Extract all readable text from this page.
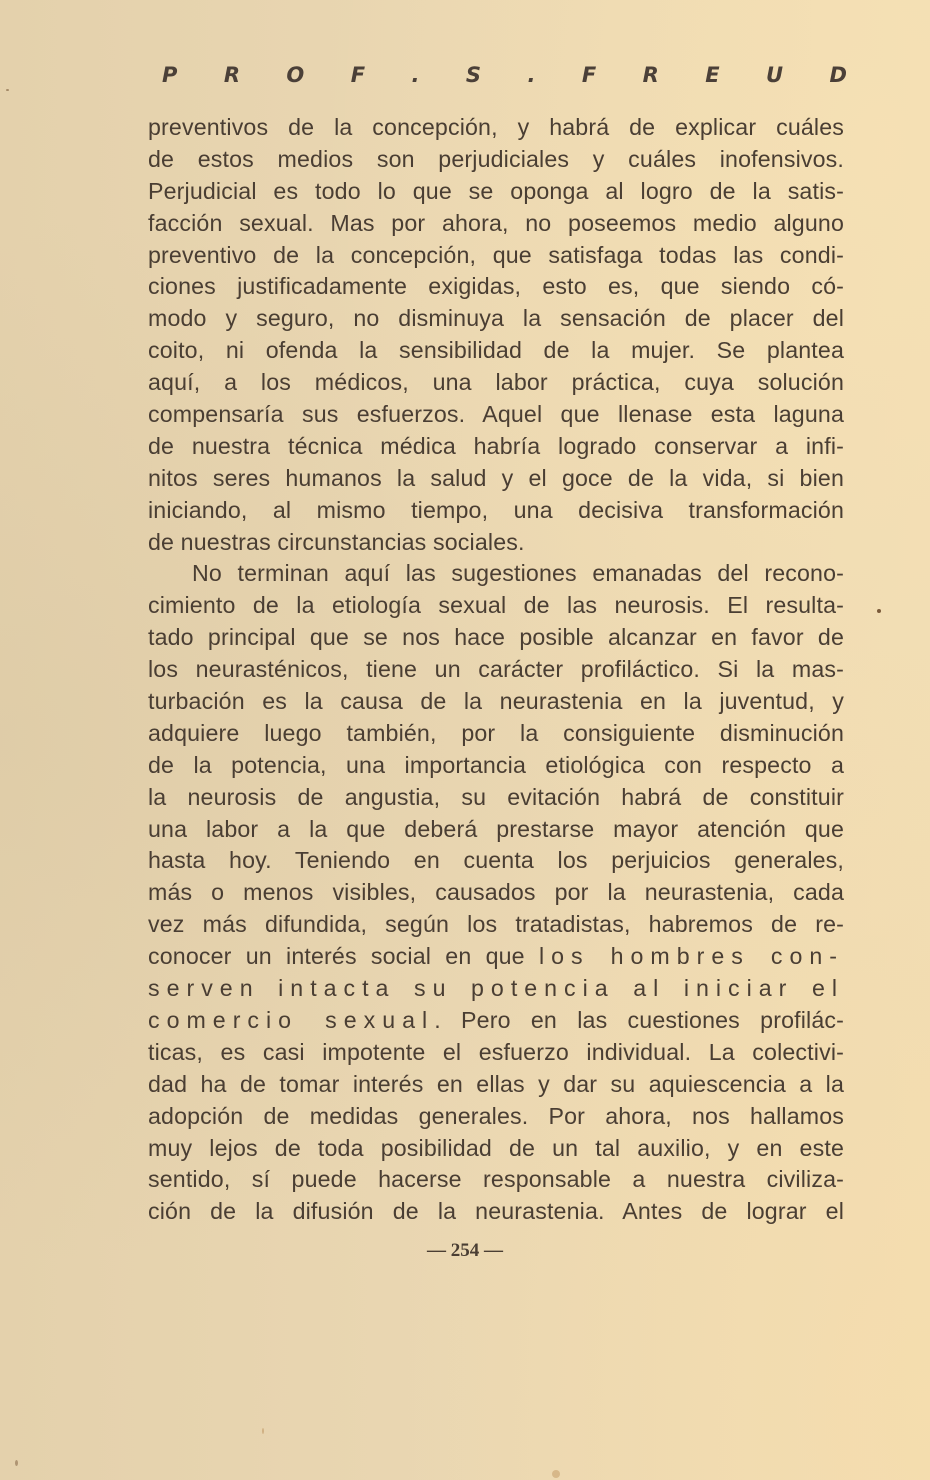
P R O F . S . F R E U D
preventivos de la concepción, y habrá de explicar cuáles
de estos medios son perjudiciales y cuáles inofensivos.
Perjudicial es todo lo que se oponga al logro de la satis-
facción sexual. Mas por ahora, no poseemos medio alguno
preventivo de la concepción, que satisfaga todas las condi-
ciones justificadamente exigidas, esto es, que siendo có-
modo y seguro, no disminuya la sensación de placer del
coito, ni ofenda la sensibilidad de la mujer. Se plantea
aquí, a los médicos, una labor práctica, cuya solución
compensaría sus esfuerzos. Aquel que llenase esta laguna
de nuestra técnica médica habría logrado conservar a infi-
nitos seres humanos la salud y el goce de la vida, si bien
iniciando, al mismo tiempo, una decisiva transformación
de nuestras circunstancias sociales.
No terminan aquí las sugestiones emanadas del recono-
cimiento de la etiología sexual de las neurosis. El resulta-
tado principal que se nos hace posible alcanzar en favor de
los neurasténicos, tiene un carácter profiláctico. Si la mas-
turbación es la causa de la neurastenia en la juventud, y
adquiere luego también, por la consiguiente disminución
de la potencia, una importancia etiológica con respecto a
la neurosis de angustia, su evitación habrá de constituir
una labor a la que deberá prestarse mayor atención que
hasta hoy. Teniendo en cuenta los perjuicios generales,
más o menos visibles, causados por la neurastenia, cada
vez más difundida, según los tratadistas, habremos de re-
conocer un interés social en que los hombres con-
serven intacta su potencia al iniciar el
comercio sexual. Pero en las cuestiones profilác-
ticas, es casi impotente el esfuerzo individual. La colectivi-
dad ha de tomar interés en ellas y dar su aquiescencia a la
adopción de medidas generales. Por ahora, nos hallamos
muy lejos de toda posibilidad de un tal auxilio, y en este
sentido, sí puede hacerse responsable a nuestra civiliza-
ción de la difusión de la neurastenia. Antes de lograr el
— 254 —
